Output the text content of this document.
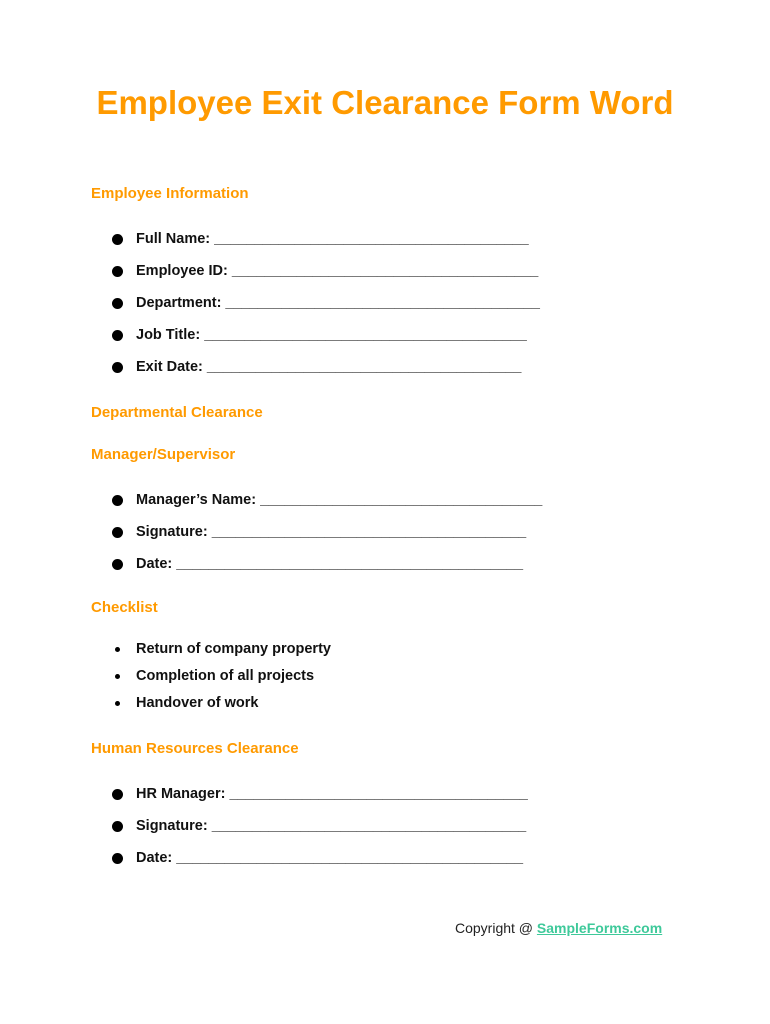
Employee Exit Clearance Form Word
Employee Information
Full Name: _______________________________________
Employee ID: ______________________________________
Department: _______________________________________
Job Title: ________________________________________
Exit Date: _______________________________________
Departmental Clearance
Manager/Supervisor
Manager’s Name: ___________________________________
Signature: _______________________________________
Date: ___________________________________________
Checklist
Return of company property
Completion of all projects
Handover of work
Human Resources Clearance
HR Manager: _____________________________________
Signature: _______________________________________
Date: ___________________________________________
Copyright @ SampleForms.com
